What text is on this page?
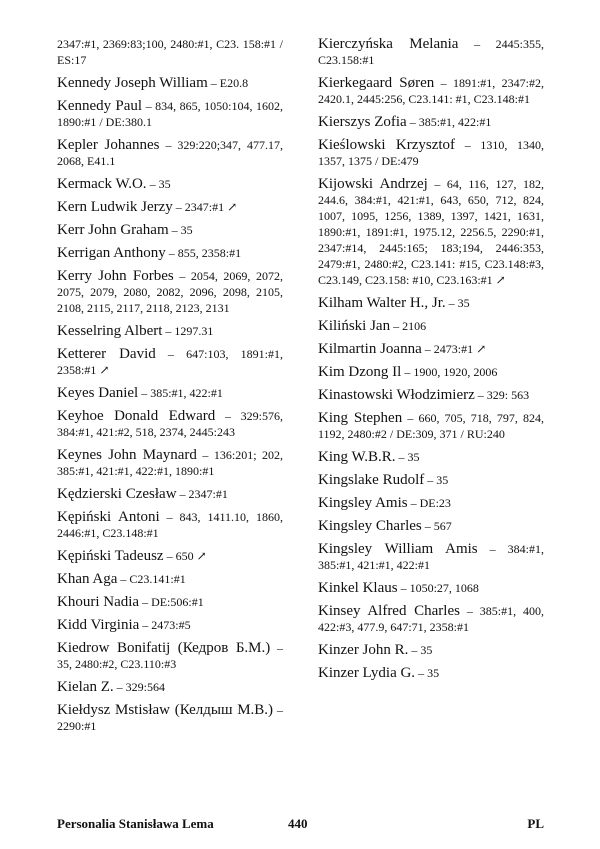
2347:#1, 2369:83;100, 2480:#1, C23. 158:#1 / ES:17
Kennedy Joseph William – E20.8
Kennedy Paul – 834, 865, 1050:104, 1602, 1890:#1 / DE:380.1
Kepler Johannes – 329:220;347, 477.17, 2068, E41.1
Kermack W.O. – 35
Kern Ludwik Jerzy – 2347:#1 ↗
Kerr John Graham – 35
Kerrigan Anthony – 855, 2358:#1
Kerry John Forbes – 2054, 2069, 2072, 2075, 2079, 2080, 2082, 2096, 2098, 2105, 2108, 2115, 2117, 2118, 2123, 2131
Kesselring Albert – 1297.31
Ketterer David – 647:103, 1891:#1, 2358:#1 ↗
Keyes Daniel – 385:#1, 422:#1
Keyhoe Donald Edward – 329:576, 384:#1, 421:#2, 518, 2374, 2445:243
Keynes John Maynard – 136:201; 202, 385:#1, 421:#1, 422:#1, 1890:#1
Kędzierski Czesław – 2347:#1
Kępiński Antoni – 843, 1411.10, 1860, 2446:#1, C23.148:#1
Kępiński Tadeusz – 650 ↗
Khan Aga – C23.141:#1
Khouri Nadia – DE:506:#1
Kidd Virginia – 2473:#5
Kiedrow Bonifatij (Кедров Б.М.) – 35, 2480:#2, C23.110:#3
Kielan Z. – 329:564
Kiełdysz Mstisław (Келдыш М.В.) – 2290:#1
Kierczyńska Melania – 2445:355, C23.158:#1
Kierkegaard Søren – 1891:#1, 2347:#2, 2420.1, 2445:256, C23.141: #1, C23.148:#1
Kierszys Zofia – 385:#1, 422:#1
Kieślowski Krzysztof – 1310, 1340, 1357, 1375 / DE:479
Kijowski Andrzej – 64, 116, 127, 182, 244.6, 384:#1, 421:#1, 643, 650, 712, 824, 1007, 1095, 1256, 1389, 1397, 1421, 1631, 1890:#1, 1891:#1, 1975.12, 2256.5, 2290:#1, 2347:#14, 2445:165; 183;194, 2446:353, 2479:#1, 2480:#2, C23.141: #15, C23.148:#3, C23.149, C23.158: #10, C23.163:#1 ↗
Kilham Walter H., Jr. – 35
Kiliński Jan – 2106
Kilmartin Joanna – 2473:#1 ↗
Kim Dzong Il – 1900, 1920, 2006
Kinastowski Włodzimierz – 329: 563
King Stephen – 660, 705, 718, 797, 824, 1192, 2480:#2 / DE:309, 371 / RU:240
King W.B.R. – 35
Kingslake Rudolf – 35
Kingsley Amis – DE:23
Kingsley Charles – 567
Kingsley William Amis – 384:#1, 385:#1, 421:#1, 422:#1
Kinkel Klaus – 1050:27, 1068
Kinsey Alfred Charles – 385:#1, 400, 422:#3, 477.9, 647:71, 2358:#1
Kinzer John R. – 35
Kinzer Lydia G. – 35
Personalia Stanisława Lema	440	PL
